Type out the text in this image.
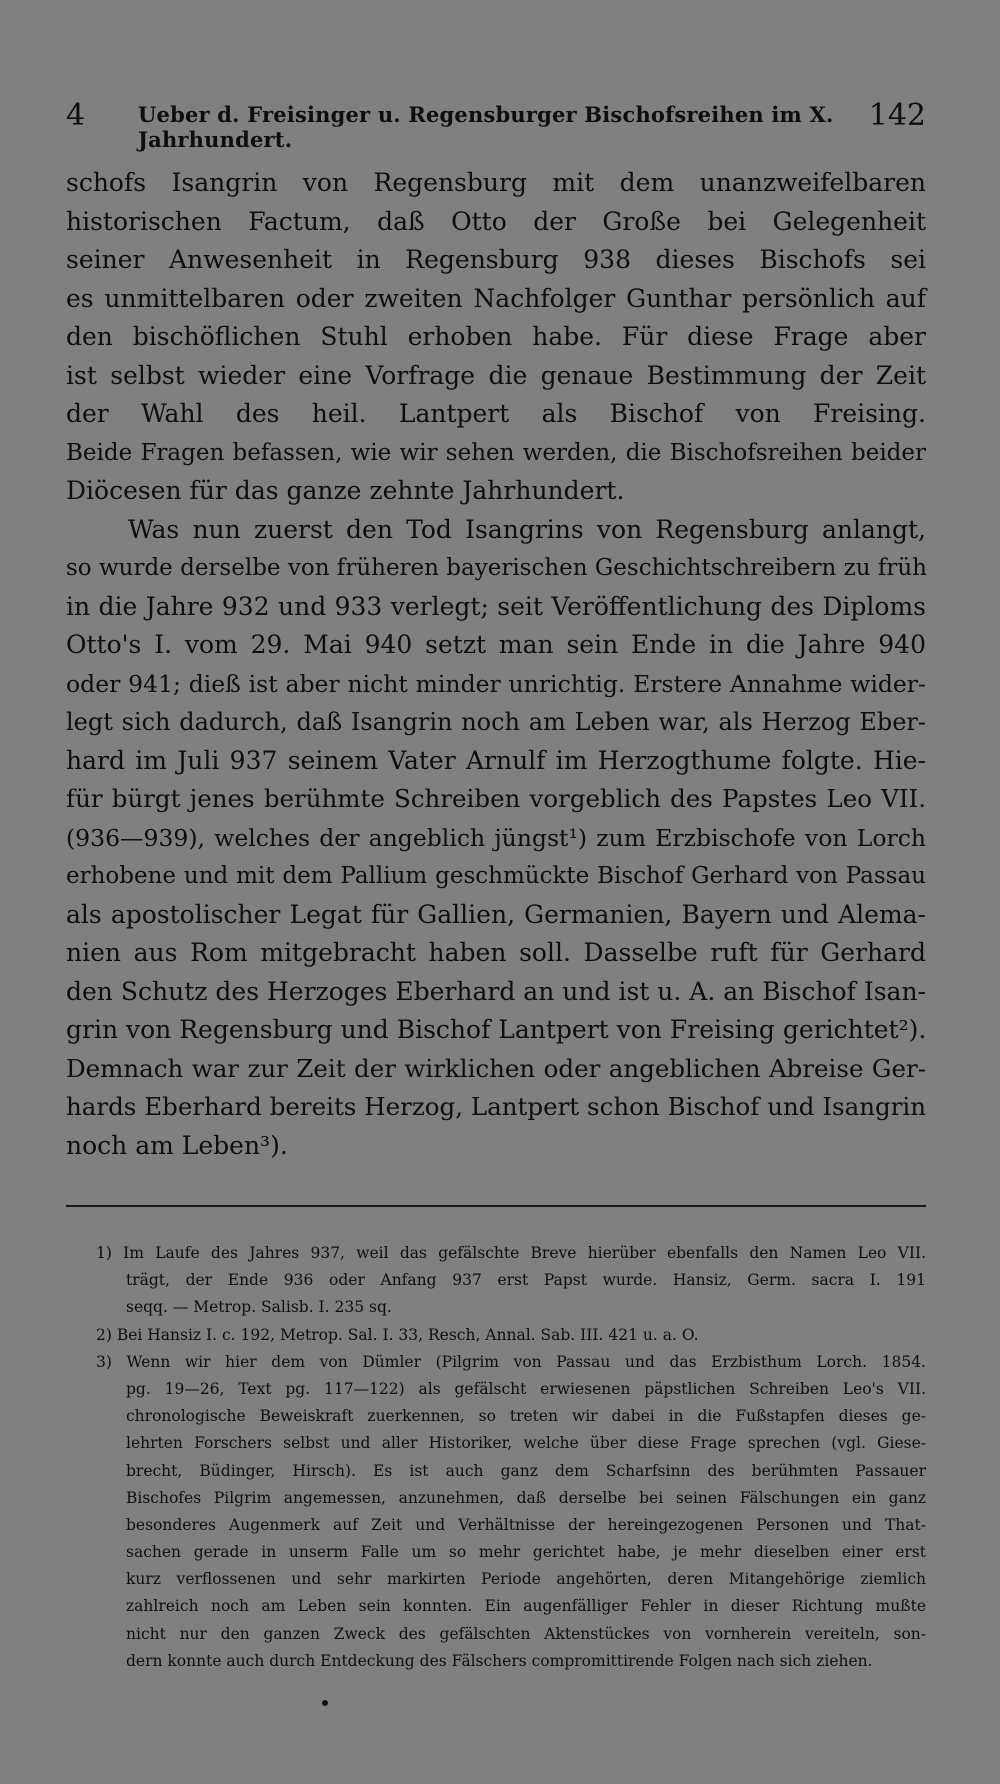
4	Ueber d. Freisinger u. Regensburger Bischofsreihen im X. Jahrhundert.
142
schofs Isangrin von Regensburg mit dem unanzweifelbaren
historischen Factum, daß Otto der Große bei Gelegenheit
seiner Anwesenheit in Regensburg 938 dieses Bischofs sei
es unmittelbaren oder zweiten Nachfolger Gunthar persönlich auf
den bischöflichen Stuhl erhoben habe. Für diese Frage aber
ist selbst wieder eine Vorfrage die genaue Bestimmung der Zeit
der Wahl des heil. Lantpert als Bischof von Freising.
Beide Fragen befassen, wie wir sehen werden, die Bischofsreihen beider
Diöcesen für das ganze zehnte Jahrhundert.
Was nun zuerst den Tod Isangrins von Regensburg anlangt,
so wurde derselbe von früheren bayerischen Geschichtschreibern zu früh
in die Jahre 932 und 933 verlegt; seit Veröffentlichung des Diploms
Otto's I. vom 29. Mai 940 setzt man sein Ende in die Jahre 940
oder 941; dieß ist aber nicht minder unrichtig. Erstere Annahme wider-
legt sich dadurch, daß Isangrin noch am Leben war, als Herzog Eber-
hard im Juli 937 seinem Vater Arnulf im Herzogthume folgte. Hie-
für bürgt jenes berühmte Schreiben vorgeblich des Papstes Leo VII.
(936—939), welches der angeblich jüngst¹) zum Erzbischofe von Lorch
erhobene und mit dem Pallium geschmückte Bischof Gerhard von Passau
als apostolischer Legat für Gallien, Germanien, Bayern und Alema-
nien aus Rom mitgebracht haben soll. Dasselbe ruft für Gerhard
den Schutz des Herzoges Eberhard an und ist u. A. an Bischof Isan-
grin von Regensburg und Bischof Lantpert von Freising gerichtet²).
Demnach war zur Zeit der wirklichen oder angeblichen Abreise Ger-
hards Eberhard bereits Herzog, Lantpert schon Bischof und Isangrin
noch am Leben³).
1) Im Laufe des Jahres 937, weil das gefälschte Breve hierüber ebenfalls den Namen Leo VII.
trägt, der Ende 936 oder Anfang 937 erst Papst wurde. Hansiz, Germ. sacra I. 191
seqq. — Metrop. Salisb. I. 235 sq.
2) Bei Hansiz I. c. 192, Metrop. Sal. I. 33, Resch, Annal. Sab. III. 421 u. a. O.
3) Wenn wir hier dem von Dümler (Pilgrim von Passau und das Erzbisthum Lorch. 1854.
pg. 19—26, Text pg. 117—122) als gefälscht erwiesenen päpstlichen Schreiben Leo's VII.
chronologische Beweiskraft zuerkennen, so treten wir dabei in die Fußstapfen dieses ge-
lehrten Forschers selbst und aller Historiker, welche über diese Frage sprechen (vgl. Giese-
brecht, Büdinger, Hirsch). Es ist auch ganz dem Scharfsinn des berühmten Passauer
Bischofes Pilgrim angemessen, anzunehmen, daß derselbe bei seinen Fälschungen ein ganz
besonderes Augenmerk auf Zeit und Verhältnisse der hereingezogenen Personen und That-
sachen gerade in unserm Falle um so mehr gerichtet habe, je mehr dieselben einer erst
kurz verflossenen und sehr markirten Periode angehörten, deren Mitangehörige ziemlich
zahlreich noch am Leben sein konnten. Ein augenfälliger Fehler in dieser Richtung mußte
nicht nur den ganzen Zweck des gefälschten Aktenstückes von vornherein vereiteln, son-
dern konnte auch durch Entdeckung des Fälschers compromittirende Folgen nach sich ziehen.
